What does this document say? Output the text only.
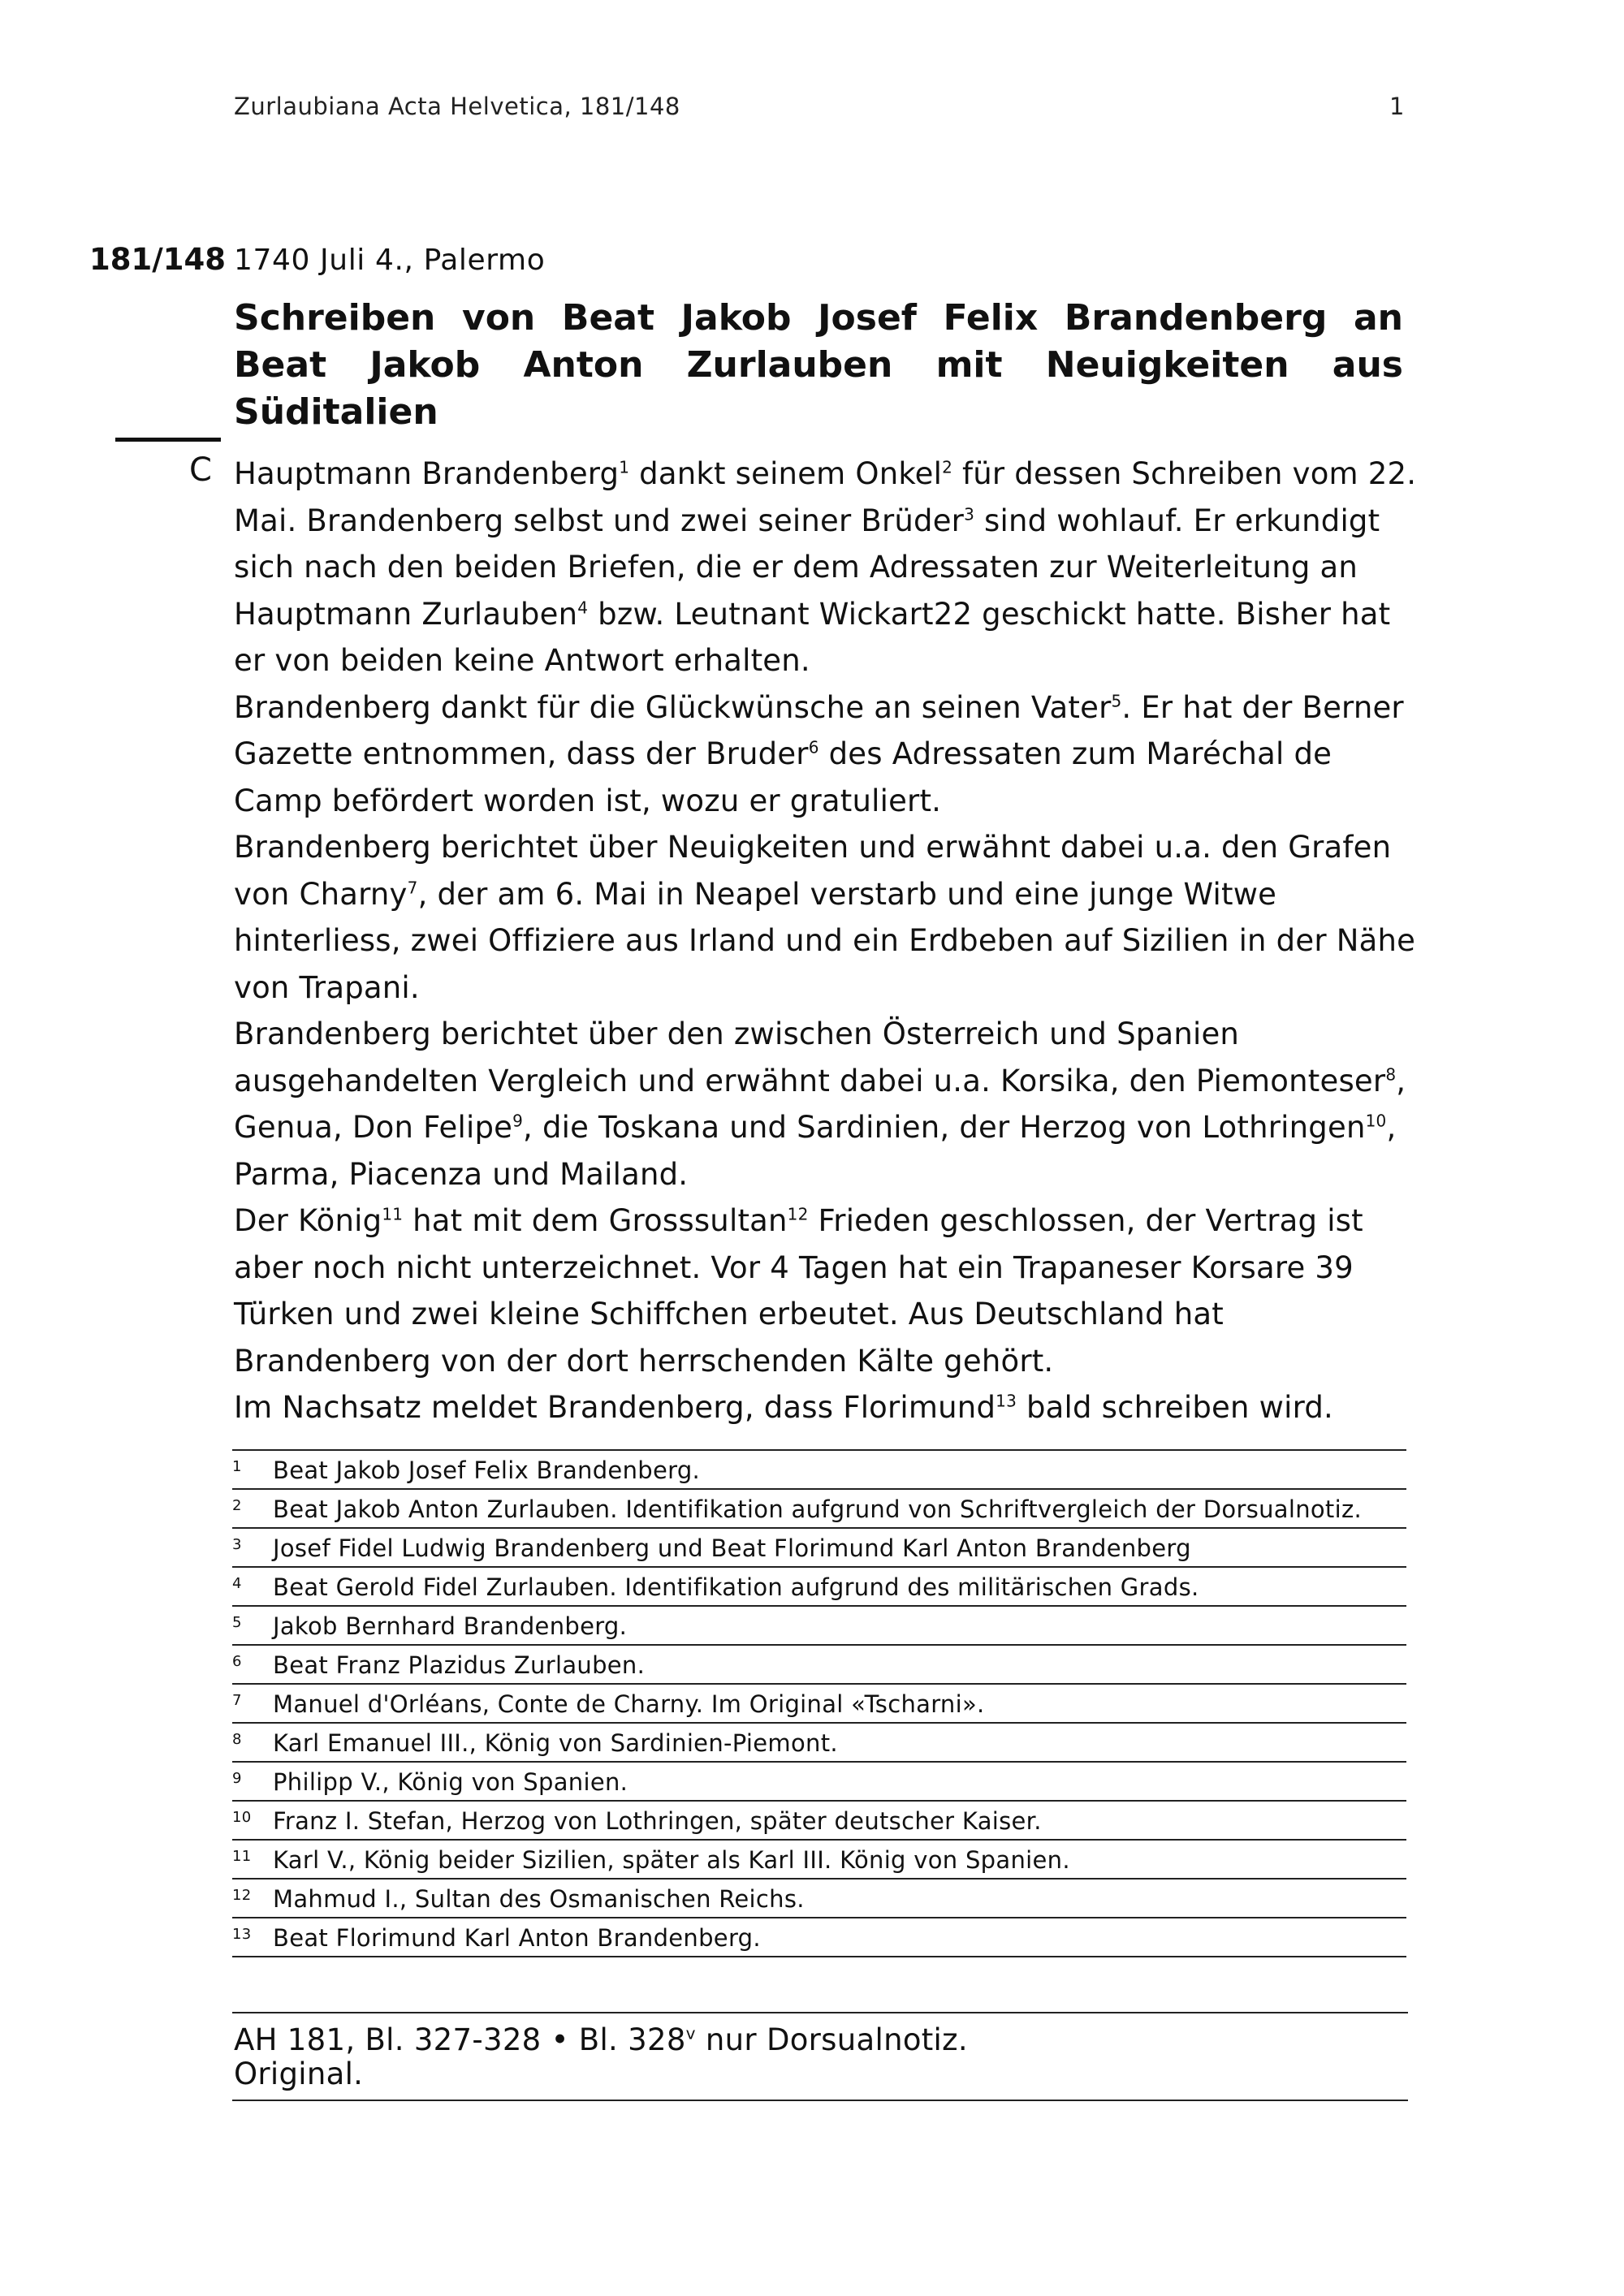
Zurlaubiana Acta Helvetica, 181/148	1
181/148 1740 Juli 4., Palermo
Schreiben von Beat Jakob Josef Felix Brandenberg an Beat Jakob Anton Zurlauben mit Neuigkeiten aus Süditalien
C Hauptmann Brandenberg$^1$ dankt seinem Onkel$^2$ für dessen Schreiben vom 22. Mai. Brandenberg selbst und zwei seiner Brüder$^3$ sind wohlauf. Er erkundigt sich nach den beiden Briefen, die er dem Adressaten zur Weiterleitung an Hauptmann Zurlauben$^4$ bzw. Leutnant Wickart22 geschickt hatte. Bisher hat er von beiden keine Antwort erhalten.

Brandenberg dankt für die Glückwünsche an seinen Vater$^5$. Er hat der Berner Gazette entnommen, dass der Bruder$^6$ des Adressaten zum Maréchal de Camp befördert worden ist, wozu er gratuliert.

Brandenberg berichtet über Neuigkeiten und erwähnt dabei u.a. den Grafen von Charny$^7$, der am 6. Mai in Neapel verstarb und eine junge Witwe hinterliess, zwei Offiziere aus Irland und ein Erdbeben auf Sizilien in der Nähe von Trapani.

Brandenberg berichtet über den zwischen Österreich und Spanien ausgehandelten Vergleich und erwähnt dabei u.a. Korsika, den Piemonteser$^8$, Genua, Don Felipe$^9$, die Toskana und Sardinien, der Herzog von Lothringen$^{10}$, Parma, Piacenza und Mailand.

Der König$^{11}$ hat mit dem Grosssultan$^{12}$ Frieden geschlossen, der Vertrag ist aber noch nicht unterzeichnet. Vor 4 Tagen hat ein Trapaneser Korsare 39 Türken und zwei kleine Schiffchen erbeutet. Aus Deutschland hat Brandenberg von der dort herrschenden Kälte gehört.

Im Nachsatz meldet Brandenberg, dass Florimund$^{13}$ bald schreiben wird.

1 Beat Jakob Josef Felix Brandenberg.
2 Beat Jakob Anton Zurlauben. Identifikation aufgrund von Schriftvergleich der Dorsualnotiz.
3 Josef Fidel Ludwig Brandenberg und Beat Florimund Karl Anton Brandenberg
4 Beat Gerold Fidel Zurlauben. Identifikation aufgrund des militärischen Grads.
5 Jakob Bernhard Brandenberg.
6 Beat Franz Plazidus Zurlauben.
7 Manuel d'Orléans, Conte de Charny. Im Original «Tscharni».
8 Karl Emanuel III., König von Sardinien-Piemont.
9 Philipp V., König von Spanien.
10 Franz I. Stefan, Herzog von Lothringen, später deutscher Kaiser.
11 Karl V., König beider Sizilien, später als Karl III. König von Spanien.
12 Mahmud I., Sultan des Osmanischen Reichs.
13 Beat Florimund Karl Anton Brandenberg.
AH 181, Bl. 327-328 • Bl. 328$^v$ nur Dorsualnotiz.
Original.
